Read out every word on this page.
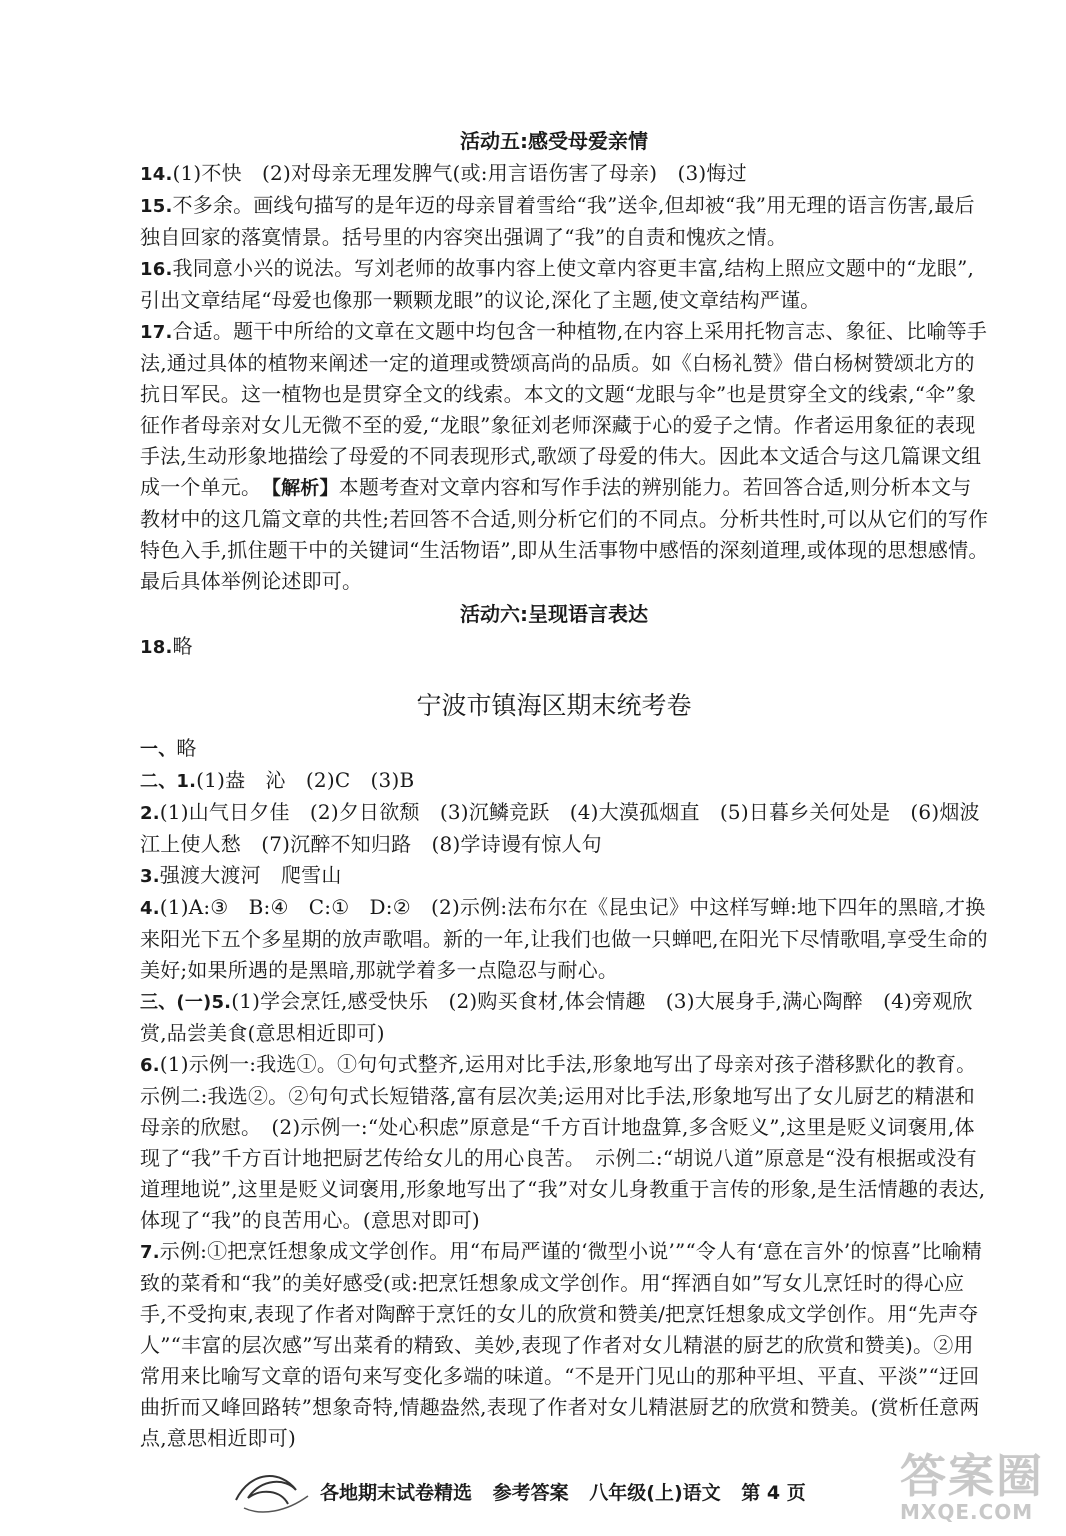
活动五:感受母爱亲情
14.(1)不快　(2)对母亲无理发脾气(或:用言语伤害了母亲)　(3)悔过
15.不多余。画线句描写的是年迈的母亲冒着雪给“我”送伞,但却被“我”用无理的语言伤害,最后独自回家的落寞情景。括号里的内容突出强调了“我”的自责和愧疚之情。
16.我同意小兴的说法。写刘老师的故事内容上使文章内容更丰富,结构上照应文题中的“龙眼”,引出文章结尾“母爱也像那一颗颗龙眼”的议论,深化了主题,使文章结构严谨。
17.合适。题干中所给的文章在文题中均包含一种植物,在内容上采用托物言志、象征、比喻等手法,通过具体的植物来阐述一定的道理或赞颂高尚的品质。如《白杨礼赞》借白杨树赞颂北方的抗日军民。这一植物也是贯穿全文的线索。本文的文题“龙眼与伞”也是贯穿全文的线索,“伞”象征作者母亲对女儿无微不至的爱,“龙眼”象征刘老师深藏于心的爱子之情。作者运用象征的表现手法,生动形象地描绘了母爱的不同表现形式,歌颂了母爱的伟大。因此本文适合与这几篇课文组成一个单元。　【解析】本题考查对文章内容和写作手法的辨别能力。若回答合适,则分析本文与教材中的这几篇文章的共性;若回答不合适,则分析它们的不同点。分析共性时,可以从它们的写作特色入手,抓住题干中的关键词“生活物语”,即从生活事物中感悟的深刻道理,或体现的思想感情。最后具体举例论述即可。
活动六:呈现语言表达
18.略
宁波市镇海区期末统考卷
一、略
二、1.(1)盎　沁　(2)C　(3)B
2.(1)山气日夕佳　(2)夕日欲颓　(3)沉鳞竞跃　(4)大漠孤烟直　(5)日暮乡关何处是　(6)烟波江上使人愁　(7)沉醉不知归路　(8)学诗谩有惊人句
3.强渡大渡河　爬雪山
4.(1)A:③　B:④　C:①　D:②　(2)示例:法布尔在《昆虫记》中这样写蝉:地下四年的黑暗,才换来阳光下五个多星期的放声歌唱。新的一年,让我们也做一只蝉吧,在阳光下尽情歌唱,享受生命的美好;如果所遇的是黑暗,那就学着多一点隐忍与耐心。
三、(一)5.(1)学会烹饪,感受快乐　(2)购买食材,体会情趣　(3)大展身手,满心陶醉　(4)旁观欣赏,品尝美食(意思相近即可)
6.(1)示例一:我选①。①句句式整齐,运用对比手法,形象地写出了母亲对孩子潜移默化的教育。　示例二:我选②。②句句式长短错落,富有层次美;运用对比手法,形象地写出了女儿厨艺的精湛和母亲的欣慰。　(2)示例一:“处心积虑”原意是“千方百计地盘算,多含贬义”,这里是贬义词褒用,体现了“我”千方百计地把厨艺传给女儿的用心良苦。　示例二:“胡说八道”原意是“没有根据或没有道理地说”,这里是贬义词褒用,形象地写出了“我”对女儿身教重于言传的形象,是生活情趣的表达,体现了“我”的良苦用心。(意思对即可)
7.示例:①把烹饪想象成文学创作。用“布局严谨的‘微型小说’”“令人有‘意在言外’的惊喜”比喻精致的菜肴和“我”的美好感受(或:把烹饪想象成文学创作。用“挥洒自如”写女儿烹饪时的得心应手,不受拘束,表现了作者对陶醉于烹饪的女儿的欣赏和赞美/把烹饪想象成文学创作。用“先声夺人”“丰富的层次感”写出菜肴的精致、美妙,表现了作者对女儿精湛的厨艺的欣赏和赞美)。②用常用来比喻写文章的语句来写变化多端的味道。“不是开门见山的那种平坦、平直、平淡”“迂回曲折而又峰回路转”想象奇特,情趣盎然,表现了作者对女儿精湛厨艺的欣赏和赞美。(赏析任意两点,意思相近即可)
各地期末试卷精选 参考答案 八年级(上)语文 第 4 页	答案圈
MXQE.COM
